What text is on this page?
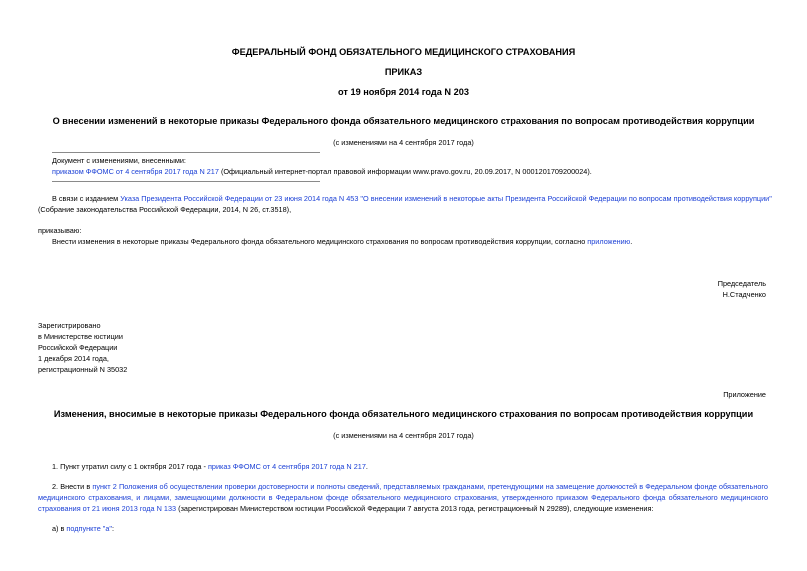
ФЕДЕРАЛЬНЫЙ ФОНД ОБЯЗАТЕЛЬНОГО МЕДИЦИНСКОГО СТРАХОВАНИЯ
ПРИКАЗ
от 19 ноября 2014 года N 203
О внесении изменений в некоторые приказы Федерального фонда обязательного медицинского страхования по вопросам противодействия коррупции
(с изменениями на 4 сентября 2017 года)
Документ с изменениями, внесенными:
приказом ФФОМС от 4 сентября 2017 года N 217 (Официальный интернет-портал правовой информации www.pravo.gov.ru, 20.09.2017, N 0001201709200024).
В связи с изданием Указа Президента Российской Федерации от 23 июня 2014 года N 453 "О внесении изменений в некоторые акты Президента Российской Федерации по вопросам противодействия коррупции"
(Собрание законодательства Российской Федерации, 2014, N 26, ст.3518),
приказываю:
Внести изменения в некоторые приказы Федерального фонда обязательного медицинского страхования по вопросам противодействия коррупции, согласно приложению.
Председатель
Н.Стадченко
Зарегистрировано
в Министерстве юстиции
Российской Федерации
1 декабря 2014 года,
регистрационный N 35032
Приложение
Изменения, вносимые в некоторые приказы Федерального фонда обязательного медицинского страхования по вопросам противодействия коррупции
(с изменениями на 4 сентября 2017 года)
1. Пункт утратил силу с 1 октября 2017 года - приказ ФФОМС от 4 сентября 2017 года N 217.
2. Внести в пункт 2 Положения об осуществлении проверки достоверности и полноты сведений, представляемых гражданами, претендующими на замещение должностей в Федеральном фонде обязательного медицинского страхования, и лицами, замещающими должности в Федеральном фонде обязательного медицинского страхования, утвержденного приказом Федерального фонда обязательного медицинского страхования от 21 июня 2013 года N 133 (зарегистрирован Министерством юстиции Российской Федерации 7 августа 2013 года, регистрационный N 29289), следующие изменения:
а) в подпункте "а":
